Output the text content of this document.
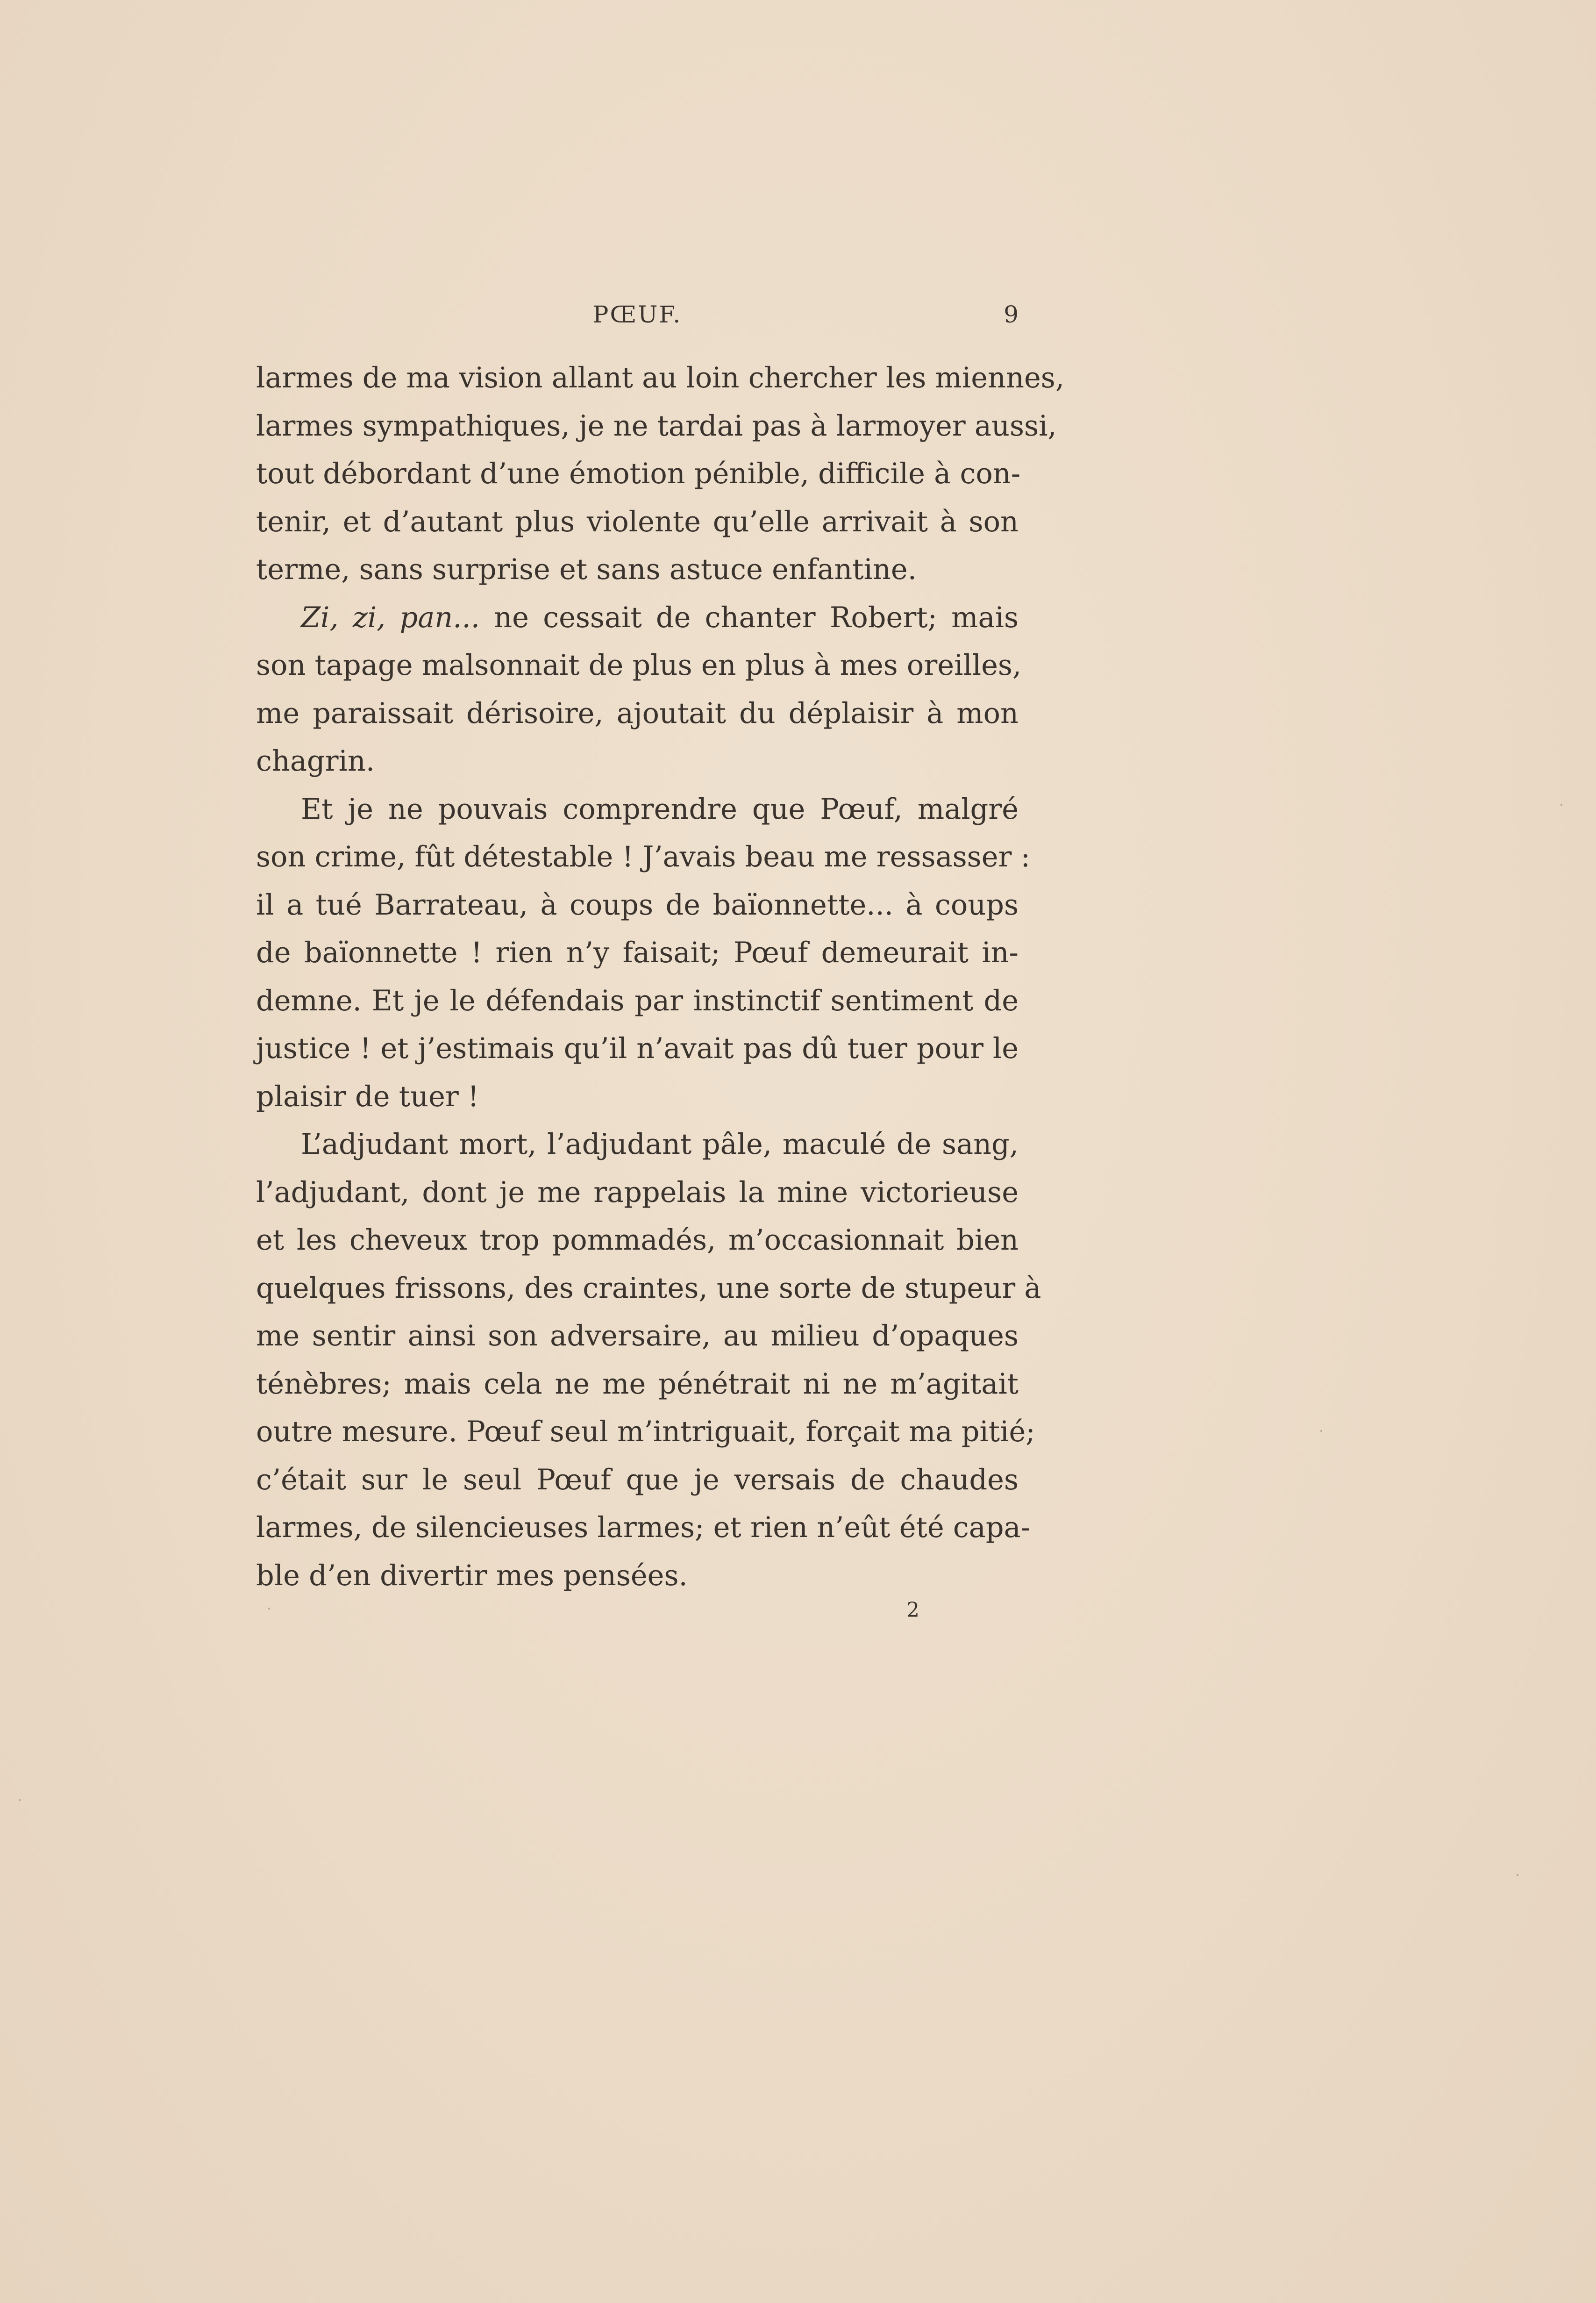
PŒUF.	9
larmes de ma vision allant au loin chercher les miennes,
larmes sympathiques, je ne tardai pas à larmoyer aussi,
tout débordant d’une émotion pénible, difficile à con-
tenir, et d’autant plus violente qu’elle arrivait à son
terme, sans surprise et sans astuce enfantine.
Zi, zi, pan... ne cessait de chanter Robert; mais
son tapage malsonnait de plus en plus à mes oreilles,
me paraissait dérisoire, ajoutait du déplaisir à mon
chagrin.
Et je ne pouvais comprendre que Pœuf, malgré
son crime, fût détestable ! J’avais beau me ressasser :
il a tué Barrateau, à coups de baïonnette... à coups
de baïonnette ! rien n’y faisait; Pœuf demeurait in-
demne. Et je le défendais par instinctif sentiment de
justice ! et j’estimais qu’il n’avait pas dû tuer pour le
plaisir de tuer !
L’adjudant mort, l’adjudant pâle, maculé de sang,
l’adjudant, dont je me rappelais la mine victorieuse
et les cheveux trop pommadés, m’occasionnait bien
quelques frissons, des craintes, une sorte de stupeur à
me sentir ainsi son adversaire, au milieu d’opaques
ténèbres; mais cela ne me pénétrait ni ne m’agitait
outre mesure. Pœuf seul m’intriguait, forçait ma pitié;
c’était sur le seul Pœuf que je versais de chaudes
larmes, de silencieuses larmes; et rien n’eût été capa-
ble d’en divertir mes pensées.
2
